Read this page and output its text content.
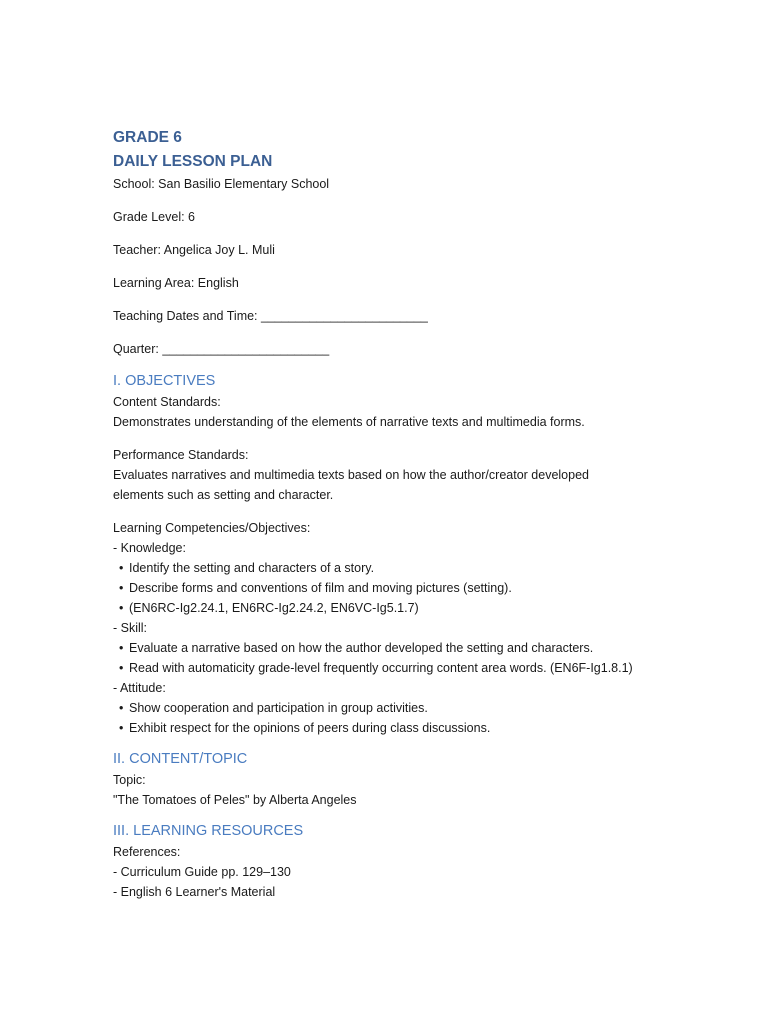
GRADE 6
DAILY LESSON PLAN

School: San Basilio Elementary School

Grade Level: 6

Teacher: Angelica Joy L. Muli

Learning Area: English

Teaching Dates and Time: ________________________

Quarter: ________________________

I. OBJECTIVES

Content Standards:

Demonstrates understanding of the elements of narrative texts and multimedia forms.

Performance Standards:

Evaluates narratives and multimedia texts based on how the author/creator developed

elements such as setting and character.

Learning Competencies/Objectives:

- Knowledge:

• Identify the setting and characters of a story.

• Describe forms and conventions of film and moving pictures (setting).

• (EN6RC-Ig2.24.1, EN6RC-Ig2.24.2, EN6VC-Ig5.1.7)

- Skill:

• Evaluate a narrative based on how the author developed the setting and characters.

• Read with automaticity grade-level frequently occurring content area words. (EN6F-Ig1.8.1)

- Attitude:

• Show cooperation and participation in group activities.

• Exhibit respect for the opinions of peers during class discussions.

II. CONTENT/TOPIC

Topic:

"The Tomatoes of Peles" by Alberta Angeles

III. LEARNING RESOURCES

References:

- Curriculum Guide pp. 129–130

- English 6 Learner's Material
